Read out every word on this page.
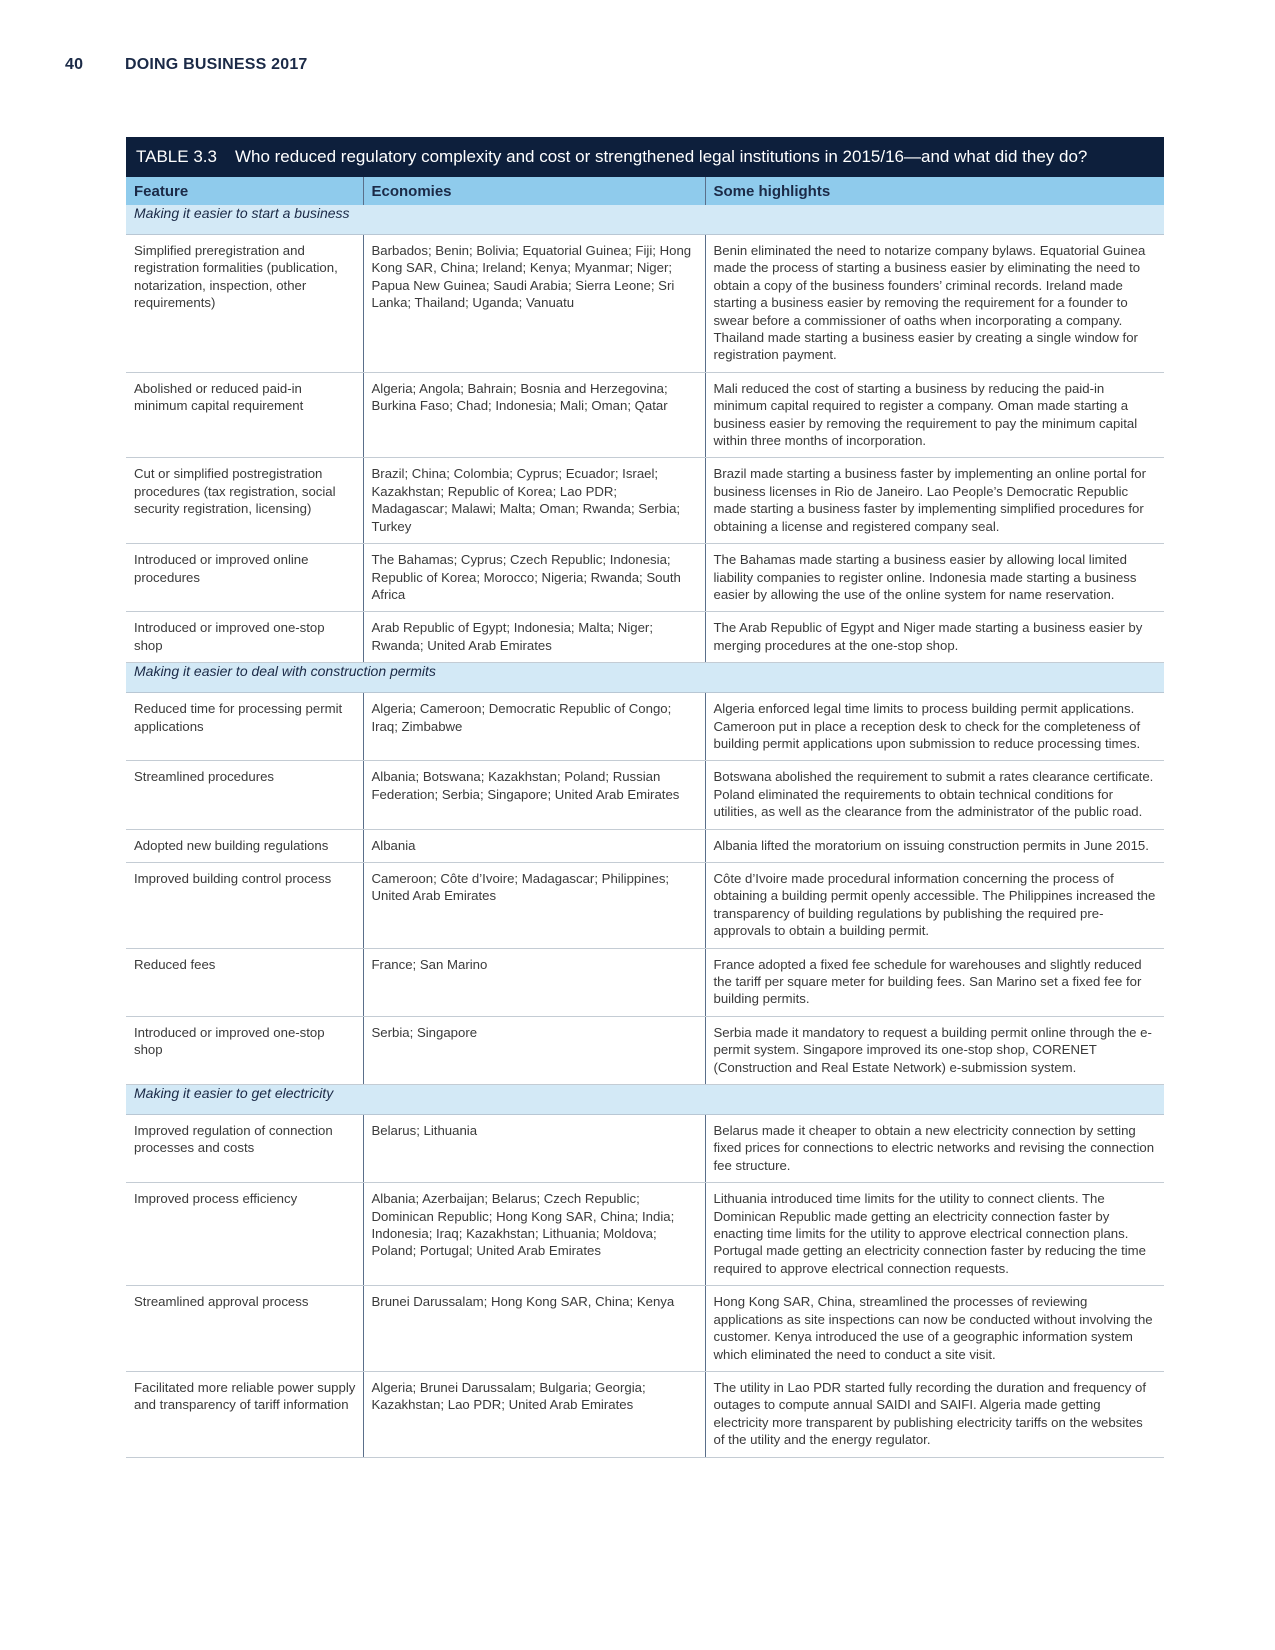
40	DOING BUSINESS 2017
TABLE 3.3 Who reduced regulatory complexity and cost or strengthened legal institutions in 2015/16—and what did they do?
Feature	Economies	Some highlights
Making it easier to start a business		
Simplified preregistration and registration formalities (publication, notarization, inspection, other requirements)	Barbados; Benin; Bolivia; Equatorial Guinea; Fiji; Hong Kong SAR, China; Ireland; Kenya; Myanmar; Niger; Papua New Guinea; Saudi Arabia; Sierra Leone; Sri Lanka; Thailand; Uganda; Vanuatu	Benin eliminated the need to notarize company bylaws. Equatorial Guinea made the process of starting a business easier by eliminating the need to obtain a copy of the business founders’ criminal records. Ireland made starting a business easier by removing the requirement for a founder to swear before a commissioner of oaths when incorporating a company. Thailand made starting a business easier by creating a single window for registration payment.
Abolished or reduced paid-in minimum capital requirement	Algeria; Angola; Bahrain; Bosnia and Herzegovina; Burkina Faso; Chad; Indonesia; Mali; Oman; Qatar	Mali reduced the cost of starting a business by reducing the paid-in minimum capital required to register a company. Oman made starting a business easier by removing the requirement to pay the minimum capital within three months of incorporation.
Cut or simplified postregistration procedures (tax registration, social security registration, licensing)	Brazil; China; Colombia; Cyprus; Ecuador; Israel; Kazakhstan; Republic of Korea; Lao PDR; Madagascar; Malawi; Malta; Oman; Rwanda; Serbia; Turkey	Brazil made starting a business faster by implementing an online portal for business licenses in Rio de Janeiro. Lao People’s Democratic Republic made starting a business faster by implementing simplified procedures for obtaining a license and registered company seal.
Introduced or improved online procedures	The Bahamas; Cyprus; Czech Republic; Indonesia; Republic of Korea; Morocco; Nigeria; Rwanda; South Africa	The Bahamas made starting a business easier by allowing local limited liability companies to register online. Indonesia made starting a business easier by allowing the use of the online system for name reservation.
Introduced or improved one-stop shop	Arab Republic of Egypt; Indonesia; Malta; Niger; Rwanda; United Arab Emirates	The Arab Republic of Egypt and Niger made starting a business easier by merging procedures at the one-stop shop.
Making it easier to deal with construction permits		
Reduced time for processing permit applications	Algeria; Cameroon; Democratic Republic of Congo; Iraq; Zimbabwe	Algeria enforced legal time limits to process building permit applications. Cameroon put in place a reception desk to check for the completeness of building permit applications upon submission to reduce processing times.
Streamlined procedures	Albania; Botswana; Kazakhstan; Poland; Russian Federation; Serbia; Singapore; United Arab Emirates	Botswana abolished the requirement to submit a rates clearance certificate. Poland eliminated the requirements to obtain technical conditions for utilities, as well as the clearance from the administrator of the public road.
Adopted new building regulations	Albania	Albania lifted the moratorium on issuing construction permits in June 2015.
Improved building control process	Cameroon; Côte d’Ivoire; Madagascar; Philippines; United Arab Emirates	Côte d’Ivoire made procedural information concerning the process of obtaining a building permit openly accessible. The Philippines increased the transparency of building regulations by publishing the required pre-approvals to obtain a building permit.
Reduced fees	France; San Marino	France adopted a fixed fee schedule for warehouses and slightly reduced the tariff per square meter for building fees. San Marino set a fixed fee for building permits.
Introduced or improved one-stop shop	Serbia; Singapore	Serbia made it mandatory to request a building permit online through the e-permit system. Singapore improved its one-stop shop, CORENET (Construction and Real Estate Network) e-submission system.
Making it easier to get electricity		
Improved regulation of connection processes and costs	Belarus; Lithuania	Belarus made it cheaper to obtain a new electricity connection by setting fixed prices for connections to electric networks and revising the connection fee structure.
Improved process efficiency	Albania; Azerbaijan; Belarus; Czech Republic; Dominican Republic; Hong Kong SAR, China; India; Indonesia; Iraq; Kazakhstan; Lithuania; Moldova; Poland; Portugal; United Arab Emirates	Lithuania introduced time limits for the utility to connect clients. The Dominican Republic made getting an electricity connection faster by enacting time limits for the utility to approve electrical connection plans. Portugal made getting an electricity connection faster by reducing the time required to approve electrical connection requests.
Streamlined approval process	Brunei Darussalam; Hong Kong SAR, China; Kenya	Hong Kong SAR, China, streamlined the processes of reviewing applications as site inspections can now be conducted without involving the customer. Kenya introduced the use of a geographic information system which eliminated the need to conduct a site visit.
Facilitated more reliable power supply and transparency of tariff information	Algeria; Brunei Darussalam; Bulgaria; Georgia; Kazakhstan; Lao PDR; United Arab Emirates	The utility in Lao PDR started fully recording the duration and frequency of outages to compute annual SAIDI and SAIFI. Algeria made getting electricity more transparent by publishing electricity tariffs on the websites of the utility and the energy regulator.
